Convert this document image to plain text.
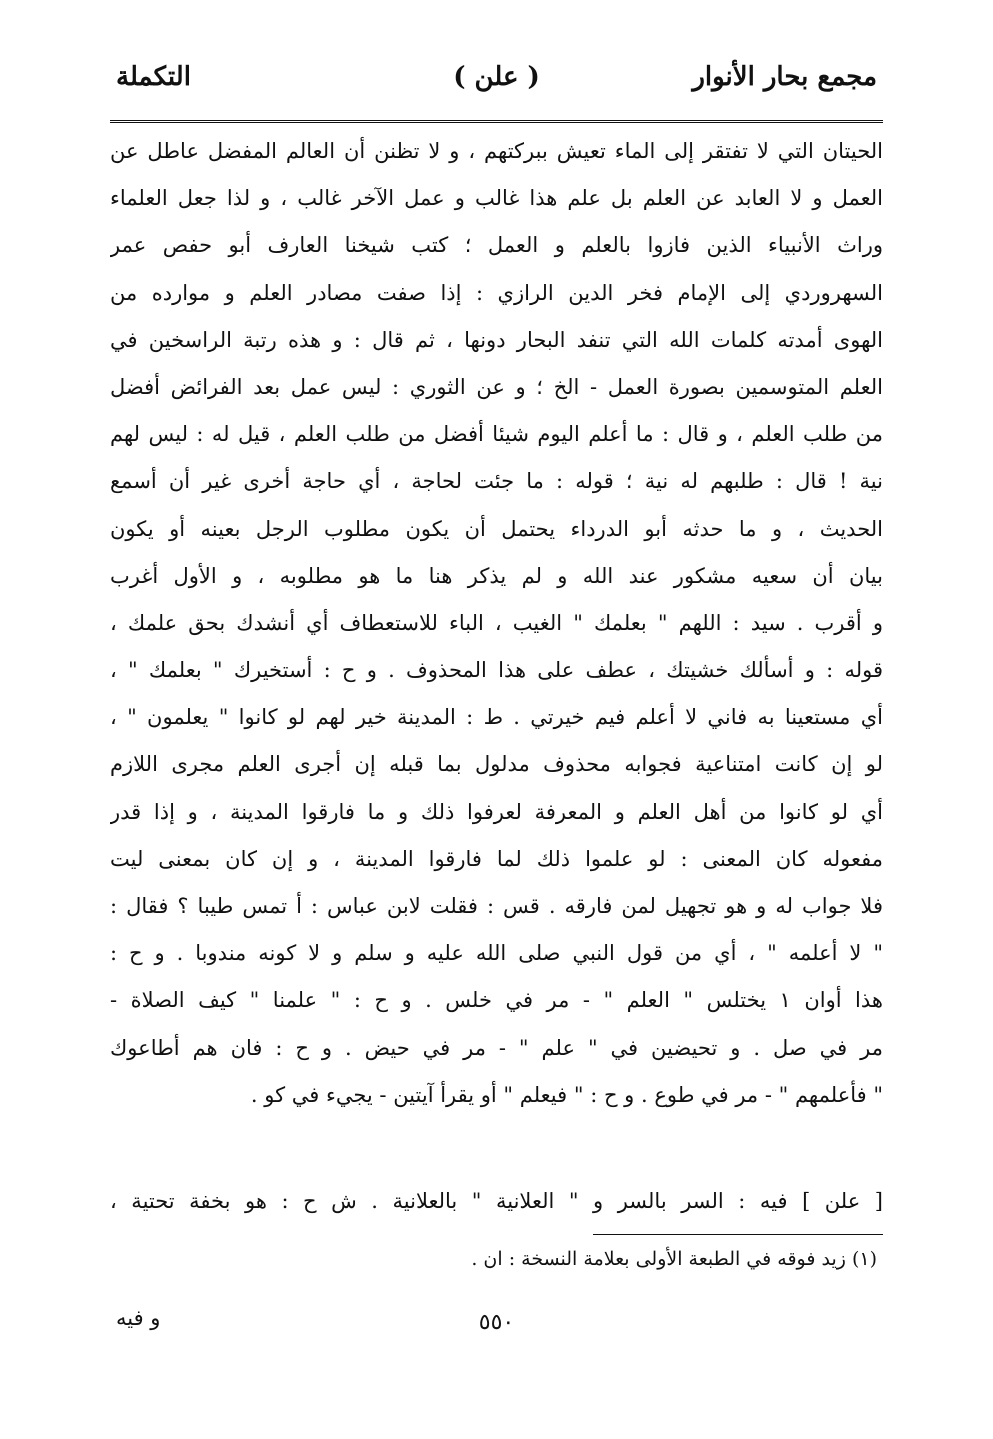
مجمع بحار الأنوار
( علن )
التكملة
الحيتان التي لا تفتقر إلى الماء تعيش ببركتهم ، و لا تظنن أن العالم المفضل عاطل عن
العمل و لا العابد عن العلم بل علم هذا غالب و عمل الآخر غالب ، و لذا جعل العلماء
وراث الأنبياء الذين فازوا بالعلم و العمل ؛ كتب شيخنا العارف أبو حفص عمر
السهروردي إلى الإمام فخر الدين الرازي : إذا صفت مصادر العلم و موارده من
الهوى أمدته كلمات الله التي تنفد البحار دونها ، ثم قال : و هذه رتبة الراسخين في
العلم المتوسمين بصورة العمل - الخ ؛ و عن الثوري : ليس عمل بعد الفرائض أفضل
من طلب العلم ، و قال : ما أعلم اليوم شيئا أفضل من طلب العلم ، قيل له : ليس لهم
نية ! قال : طلبهم له نية ؛ قوله : ما جئت لحاجة ، أي حاجة أخرى غير أن أسمع
الحديث ، و ما حدثه أبو الدرداء يحتمل أن يكون مطلوب الرجل بعينه أو يكون
بيان أن سعيه مشكور عند الله و لم يذكر هنا ما هو مطلوبه ، و الأول أغرب
و أقرب . سيد : اللهم " بعلمك " الغيب ، الباء للاستعطاف أي أنشدك بحق علمك ،
قوله : و أسألك خشيتك ، عطف على هذا المحذوف . و ح : أستخيرك " بعلمك " ،
أي مستعينا به فاني لا أعلم فيم خيرتي . ط : المدينة خير لهم لو كانوا " يعلمون " ،
لو إن كانت امتناعية فجوابه محذوف مدلول بما قبله إن أجرى العلم مجرى اللازم
أي لو كانوا من أهل العلم و المعرفة لعرفوا ذلك و ما فارقوا المدينة ، و إذا قدر
مفعوله كان المعنى : لو علموا ذلك لما فارقوا المدينة ، و إن كان بمعنى ليت
فلا جواب له و هو تجهيل لمن فارقه . قس : فقلت لابن عباس : أ تمس طيبا ؟ فقال :
" لا أعلمه " ، أي من قول النبي صلى الله عليه و سلم و لا كونه مندوبا . و ح :
هذا أوان ١ يختلس " العلم " - مر في خلس . و ح : " علمنا " كيف الصلاة -
مر في صل . و تحيضين في " علم " - مر في حيض . و ح : فان هم أطاعوك
" فأعلمهم " - مر في طوع . و ح : " فيعلم " أو يقرأ آيتين - يجيء في كو .
[ علن ] فيه : السر بالسر و " العلانية " بالعلانية . ش ح : هو بخفة تحتية ،
(١) زيد فوقه في الطبعة الأولى بعلامة النسخة : ان .
٥٥٠
و فيه
